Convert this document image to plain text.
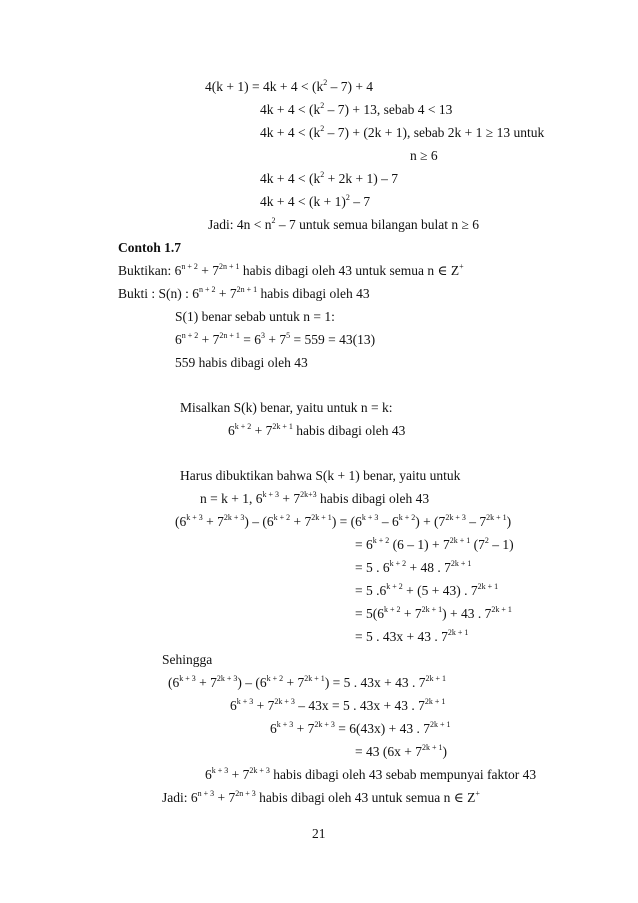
$4(k + 1) = 4k + 4 < (k^2 - 7) + 4$
$4k + 4 < (k^2 - 7) + 13$, sebab 4 < 13
$4k + 4 < (k^2 - 7) + (2k + 1)$, sebab 2k + 1 ≥ 13 untuk
n ≥ 6
$4k + 4 < (k^2 + 2k + 1) - 7$
$4k + 4 < (k + 1)^2 - 7$
Jadi: $4n < n^2 - 7$ untuk semua bilangan bulat n ≥ 6
Contoh 1.7
Buktikan: $6^{n + 2} + 7^{2n + 1}$ habis dibagi oleh 43 untuk semua n ∈ Z+
Bukti : S(n) : $6^{n + 2} + 7^{2n + 1}$ habis dibagi oleh 43
S(1) benar sebab untuk n = 1:
$6^{n + 2} + 7^{2n + 1} = 6^3 + 7^5 = 559 = 43(13)$
559 habis dibagi oleh 43
Misalkan S(k) benar, yaitu untuk n = k:
$6^{k + 2} + 7^{2k + 1}$ habis dibagi oleh 43
Harus dibuktikan bahwa S(k + 1) benar, yaitu untuk
n = k + 1, $6^{k + 3} + 7^{2k+3}$ habis dibagi oleh 43
$(6^{k + 3} + 7^{2k + 3}) - (6^{k + 2} + 7^{2k + 1}) = (6^{k + 3} - 6^{k + 2}) + (7^{2k + 3} - 7^{2k + 1})$
= $6^{k + 2}$ $(6 - 1) + 7^{2k + 1}$ $(7^2 - 1)$
= 5 . $6^{k + 2} + 48$ . $7^{2k + 1}$
= 5 $.6^{k + 2} + (5 + 43)$ . $7^{2k + 1}$
= $5(6^{k + 2} + 7^{2k + 1}) + 43$ . $7^{2k + 1}$
= 5 . 43x + 43 . $7^{2k + 1}$
Sehingga
$(6^{k + 3} + 7^{2k + 3}) - (6^{k + 2} + 7^{2k + 1}) = 5$ . 43x + 43 . $7^{2k + 1}$
$6^{k + 3} + 7^{2k + 3} - 43x = 5$ . 43x + 43 . $7^{2k + 1}$
$6^{k + 3} + 7^{2k + 3} = 6(43x) + 43$ . $7^{2k + 1}$
= 43 $(6x + 7^{2k + 1})$
$6^{k + 3} + 7^{2k + 3}$ habis dibagi oleh 43 sebab mempunyai faktor 43
Jadi: $6^{n + 3} + 7^{2n + 3}$ habis dibagi oleh 43 untuk semua n ∈ Z+
21
